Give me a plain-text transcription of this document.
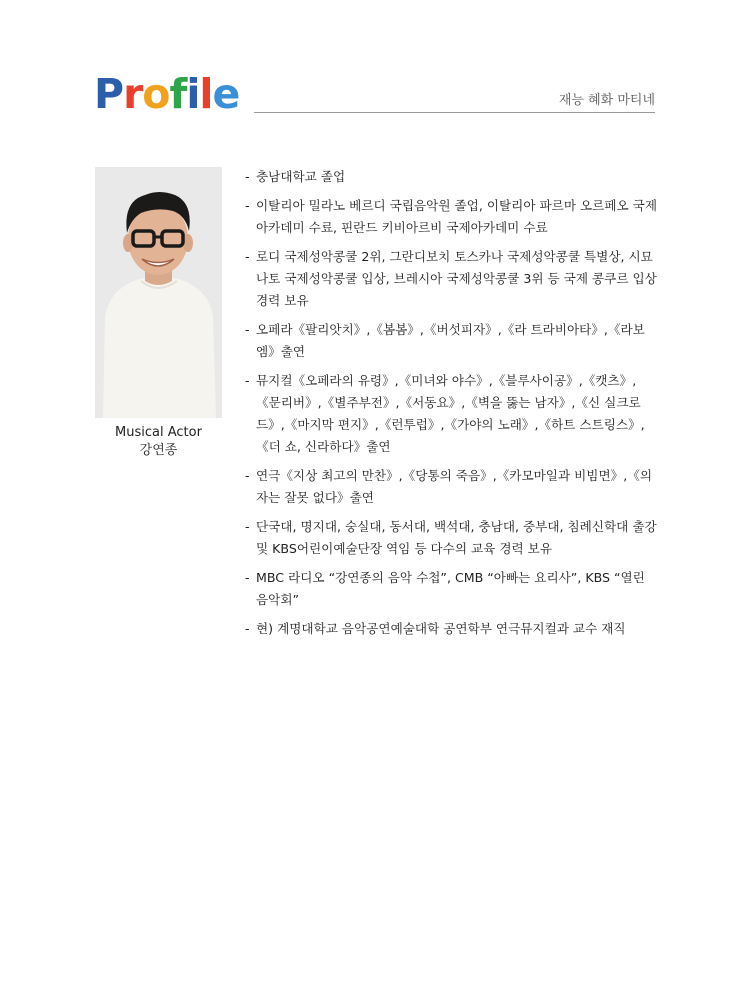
Profile	재능 혜화 마티네
Musical Actor
강연종
- 충남대학교 졸업
- 이탈리아 밀라노 베르디 국립음악원 졸업, 이탈리아 파르마 오르페오 국제 아카데미 수료, 핀란드 키비아르비 국제아카데미 수료
- 로디 국제성악콩쿨 2위, 그란디보치 토스카나 국제성악콩쿨 특별상, 시묘나토 국제성악콩쿨 입상, 브레시아 국제성악콩쿨 3위 등 국제 콩쿠르 입상 경력 보유
- 오페라《팔리앗치》,《봄봄》,《버섯피자》,《라 트라비아타》,《라보엠》출연
- 뮤지컬《오페라의 유령》,《미녀와 야수》,《블루사이공》,《캣츠》,《문리버》,《별주부전》,《서동요》,《벽을 뚫는 남자》,《신 실크로드》,《마지막 편지》,《런투럽》,《가야의 노래》,《하트 스트링스》,《더 쇼, 신라하다》출연
- 연극《지상 최고의 만찬》,《당통의 죽음》,《카모마일과 비빔면》,《의자는 잘못 없다》출연
- 단국대, 명지대, 숭실대, 동서대, 백석대, 충남대, 중부대, 침례신학대 출강 및 KBS어린이예술단장 역임 등 다수의 교육 경력 보유
- MBC 라디오 “강연종의 음악 수첩”, CMB “아빠는 요리사”, KBS “열린 음악회”
- 현) 계명대학교 음악공연예술대학 공연학부 연극뮤지컬과 교수 재직
